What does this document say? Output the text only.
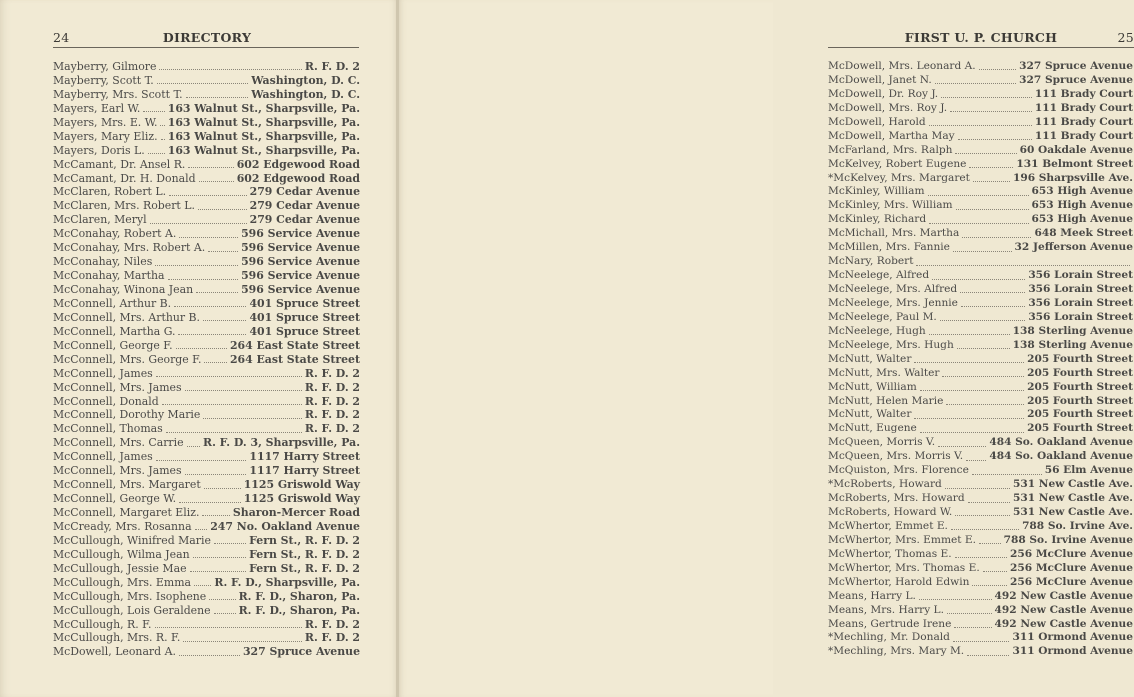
24	DIRECTORY
Mayberry, Gilmore	R. F. D. 2
Mayberry, Scott T.	Washington, D. C.
Mayberry, Mrs. Scott T.	Washington, D. C.
Mayers, Earl W.	163 Walnut St., Sharpsville, Pa.
Mayers, Mrs. E. W. 163 Walnut St., Sharpsville, Pa.
Mayers, Mary Eliz. 163 Walnut St., Sharpsville, Pa.
Mayers, Doris L. 163 Walnut St., Sharpsville, Pa.
McCamant, Dr. Ansel R.	602 Edgewood Road
McCamant, Dr. H. Donald	602 Edgewood Road
McClaren, Robert L.	279 Cedar Avenue
McClaren, Mrs. Robert L.	279 Cedar Avenue
McClaren, Meryl	279 Cedar Avenue
McConahay, Robert A.	596 Service Avenue
McConahay, Mrs. Robert A.	596 Service Avenue
McConahay, Niles	596 Service Avenue
McConahay, Martha	596 Service Avenue
McConahay, Winona Jean	596 Service Avenue
McConnell, Arthur B.	401 Spruce Street
McConnell, Mrs. Arthur B.	401 Spruce Street
McConnell, Martha G.	401 Spruce Street
McConnell, George F.	264 East State Street
McConnell, Mrs. George F.	264 East State Street
McConnell, James	R. F. D. 2
McConnell, Mrs. James	R. F. D. 2
McConnell, Donald	R. F. D. 2
McConnell, Dorothy Marie	R. F. D. 2
McConnell, Thomas	R. F. D. 2
McConnell, Mrs. Carrie R. F. D. 3, Sharpsville, Pa.
McConnell, James	1117 Harry Street
McConnell, Mrs. James	1117 Harry Street
McConnell, Mrs. Margaret	1125 Griswold Way
McConnell, George W.	1125 Griswold Way
McConnell, Margaret Eliz.	Sharon-Mercer Road
McCready, Mrs. Rosanna 247 No. Oakland Avenue
McCullough, Winifred Marie	Fern St., R. F. D. 2
McCullough, Wilma Jean	Fern St., R. F. D. 2
McCullough, Jessie Mae	Fern St., R. F. D. 2
McCullough, Mrs. Emma R. F. D., Sharpsville, Pa.
McCullough, Mrs. Isophene	R. F. D., Sharon, Pa.
McCullough, Lois Geraldene	R. F. D., Sharon, Pa.
McCullough, R. F.	R. F. D. 2
McCullough, Mrs. R. F.	R. F. D. 2
McDowell, Leonard A.	327 Spruce Avenue
FIRST U. P. CHURCH	25
McDowell, Mrs. Leonard A.	327 Spruce Avenue
McDowell, Janet N.	327 Spruce Avenue
McDowell, Dr. Roy J.	111 Brady Court
McDowell, Mrs. Roy J.	111 Brady Court
McDowell, Harold	111 Brady Court
McDowell, Martha May	111 Brady Court
McFarland, Mrs. Ralph	60 Oakdale Avenue
McKelvey, Robert Eugene	131 Belmont Street
*McKelvey, Mrs. Margaret	196 Sharpsville Ave.
McKinley, William	653 High Avenue
McKinley, Mrs. William	653 High Avenue
McKinley, Richard	653 High Avenue
McMichall, Mrs. Martha	648 Meek Street
McMillen, Mrs. Fannie	32 Jefferson Avenue
McNary, Robert
McNeelege, Alfred	356 Lorain Street
McNeelege, Mrs. Alfred	356 Lorain Street
McNeelege, Mrs. Jennie	356 Lorain Street
McNeelege, Paul M.	356 Lorain Street
McNeelege, Hugh	138 Sterling Avenue
McNeelege, Mrs. Hugh	138 Sterling Avenue
McNutt, Walter	205 Fourth Street
McNutt, Mrs. Walter	205 Fourth Street
McNutt, William	205 Fourth Street
McNutt, Helen Marie	205 Fourth Street
McNutt, Walter	205 Fourth Street
McNutt, Eugene	205 Fourth Street
McQueen, Morris V.	484 So. Oakland Avenue
McQueen, Mrs. Morris V. 484 So. Oakland Avenue
McQuiston, Mrs. Florence	56 Elm Avenue
*McRoberts, Howard	531 New Castle Ave.
McRoberts, Mrs. Howard	531 New Castle Ave.
McRoberts, Howard W.	531 New Castle Ave.
McWhertor, Emmet E.	788 So. Irvine Ave.
McWhertor, Mrs. Emmet E.	788 So. Irvine Avenue
McWhertor, Thomas E.	256 McClure Avenue
McWhertor, Mrs. Thomas E.	256 McClure Avenue
McWhertor, Harold Edwin	256 McClure Avenue
Means, Harry L.	492 New Castle Avenue
Means, Mrs. Harry L.	492 New Castle Avenue
Means, Gertrude Irene	492 New Castle Avenue
*Mechling, Mr. Donald	311 Ormond Avenue
*Mechling, Mrs. Mary M.	311 Ormond Avenue
